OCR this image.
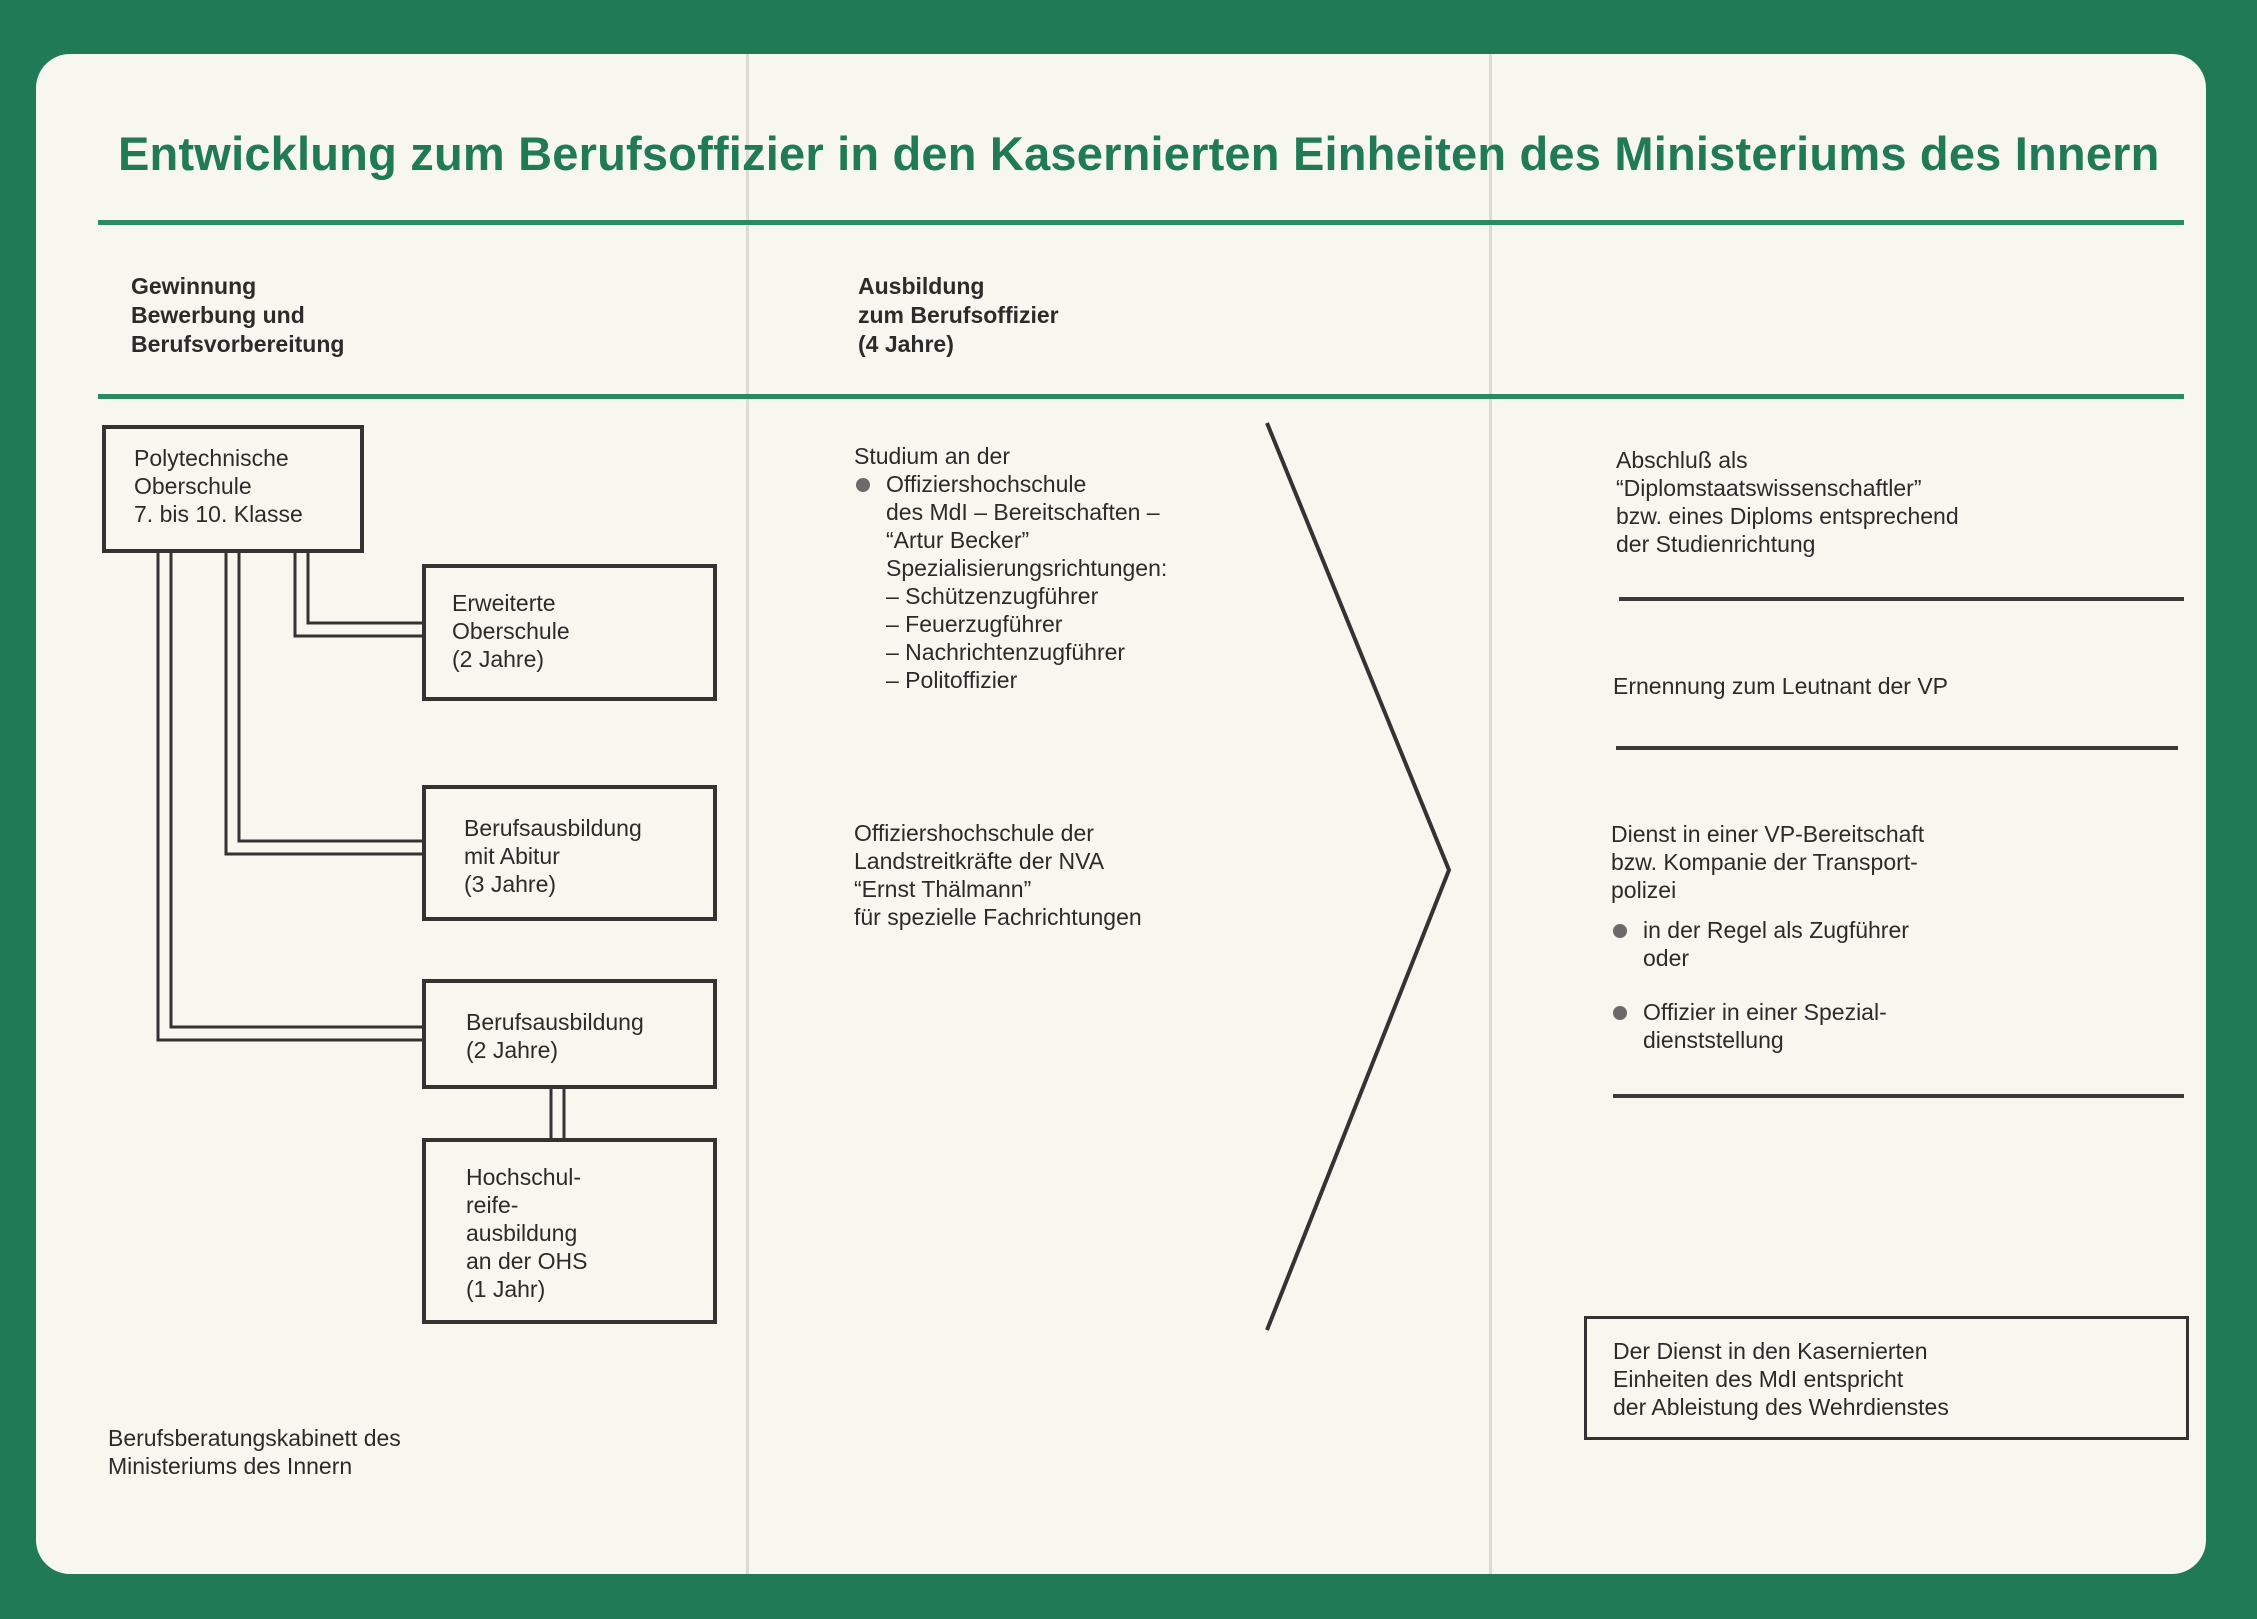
Entwicklung zum Berufsoffizier in den Kasernierten Einheiten des Ministeriums des Innern
Gewinnung
Bewerbung und
Berufsvorbereitung
Ausbildung
zum Berufsoffizier
(4 Jahre)
Polytechnische
Oberschule
7. bis 10. Klasse
Erweiterte
Oberschule
(2 Jahre)
Berufsausbildung
mit Abitur
(3 Jahre)
Berufsausbildung
(2 Jahre)
Hochschul-
reife-
ausbildung
an der OHS
(1 Jahr)
Studium an der
Offiziershochschule
des MdI – Bereitschaften –
“Artur Becker”
Spezialisierungsrichtungen:
– Schützenzugführer
– Feuerzugführer
– Nachrichtenzugführer
– Politoffizier
Offiziershochschule der
Landstreitkräfte der NVA
“Ernst Thälmann”
für spezielle Fachrichtungen
Abschluß als
“Diplomstaatswissenschaftler”
bzw. eines Diploms entsprechend
der Studienrichtung
Ernennung zum Leutnant der VP
Dienst in einer VP-Bereitschaft
bzw. Kompanie der Transport-
polizei
in der Regel als Zugführer
oder
Offizier in einer Spezial-
dienststellung
Der Dienst in den Kasernierten
Einheiten des MdI entspricht
der Ableistung des Wehrdienstes
Berufsberatungskabinett des
Ministeriums des Innern
